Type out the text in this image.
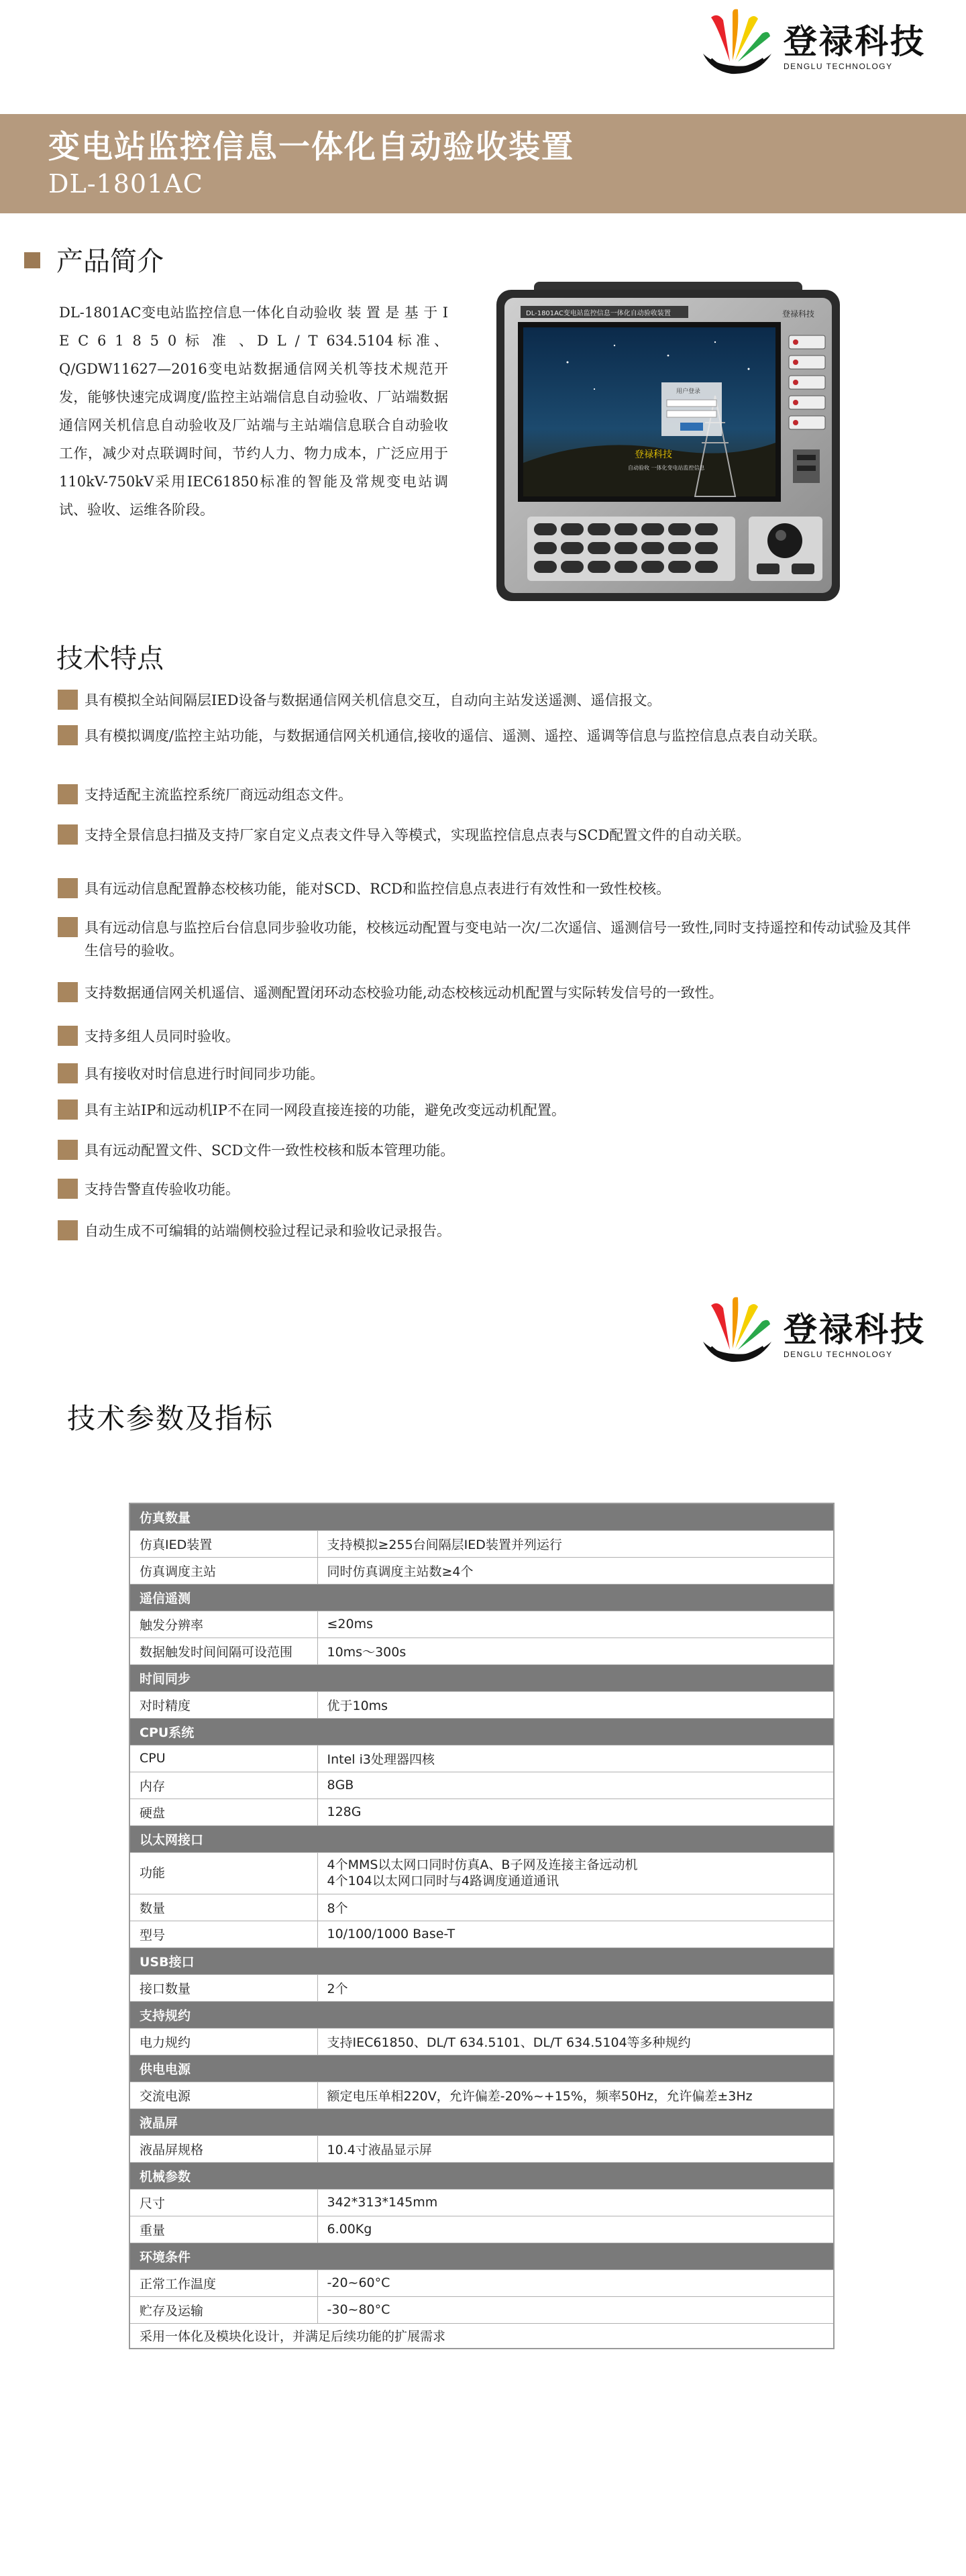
登禄科技
DENGLU TECHNOLOGY
变电站监控信息一体化自动验收装置
DL-1801AC
产品简介
DL-1801AC变电站监控信息一体化自动验收 装 置 是 基 于 I E C 6 1 8 5 0 标 准 、D L / T 634.5104标准、Q/GDW11627—2016变电站数据通信网关机等技术规范开发，能够快速完成调度/监控主站端信息自动验收、厂站端数据通信网关机信息自动验收及厂站端与主站端信息联合自动验收工作，减少对点联调时间，节约人力、物力成本，广泛应用于110kV-750kV采用IEC61850标准的智能及常规变电站调试、验收、运维各阶段。
DL-1801AC变电站监控信息一体化自动验收装置	登禄科技
用户登录
登禄科技
自动验收 一体化变电站监控信息
技术特点
具有模拟全站间隔层IED设备与数据通信网关机信息交互，自动向主站发送遥测、遥信报文。
具有模拟调度/监控主站功能，与数据通信网关机通信,接收的遥信、遥测、遥控、遥调等信息与监控信息点表自动关联。
支持适配主流监控系统厂商远动组态文件。
支持全景信息扫描及支持厂家自定义点表文件导入等模式，实现监控信息点表与SCD配置文件的自动关联。
具有远动信息配置静态校核功能，能对SCD、RCD和监控信息点表进行有效性和一致性校核。
具有远动信息与监控后台信息同步验收功能，校核远动配置与变电站一次/二次遥信、遥测信号一致性,同时支持遥控和传动试验及其伴生信号的验收。
支持数据通信网关机遥信、遥测配置闭环动态校验功能,动态校核远动机配置与实际转发信号的一致性。
支持多组人员同时验收。
具有接收对时信息进行时间同步功能。
具有主站IP和远动机IP不在同一网段直接连接的功能，避免改变远动机配置。
具有远动配置文件、SCD文件一致性校核和版本管理功能。
支持告警直传验收功能。
自动生成不可编辑的站端侧校验过程记录和验收记录报告。
登禄科技
DENGLU TECHNOLOGY
技术参数及指标
仿真数量	
仿真IED装置	支持模拟≥255台间隔层IED装置并列运行
仿真调度主站	同时仿真调度主站数≥4个
遥信遥测	
触发分辨率	≤20ms
数据触发时间间隔可设范围	10ms～300s
时间同步	
对时精度	优于10ms
CPU系统	
CPU	Intel i3处理器四核
内存	8GB
硬盘	128G
以太网接口	
功能	4个MMS以太网口同时仿真A、B子网及连接主备远动机
4个104以太网口同时与4路调度通道通讯
数量	8个
型号	10/100/1000 Base-T
USB接口	
接口数量	2个
支持规约	
电力规约	支持IEC61850、DL/T 634.5101、DL/T 634.5104等多种规约
供电电源	
交流电源	额定电压单相220V，允许偏差-20%~+15%，频率50Hz，允许偏差±3Hz
液晶屏	
液晶屏规格	10.4寸液晶显示屏
机械参数	
尺寸	342*313*145mm
重量	6.00Kg
环境条件	
正常工作温度	-20~60°C
贮存及运输	-30~80°C
采用一体化及模块化设计，并满足后续功能的扩展需求	
